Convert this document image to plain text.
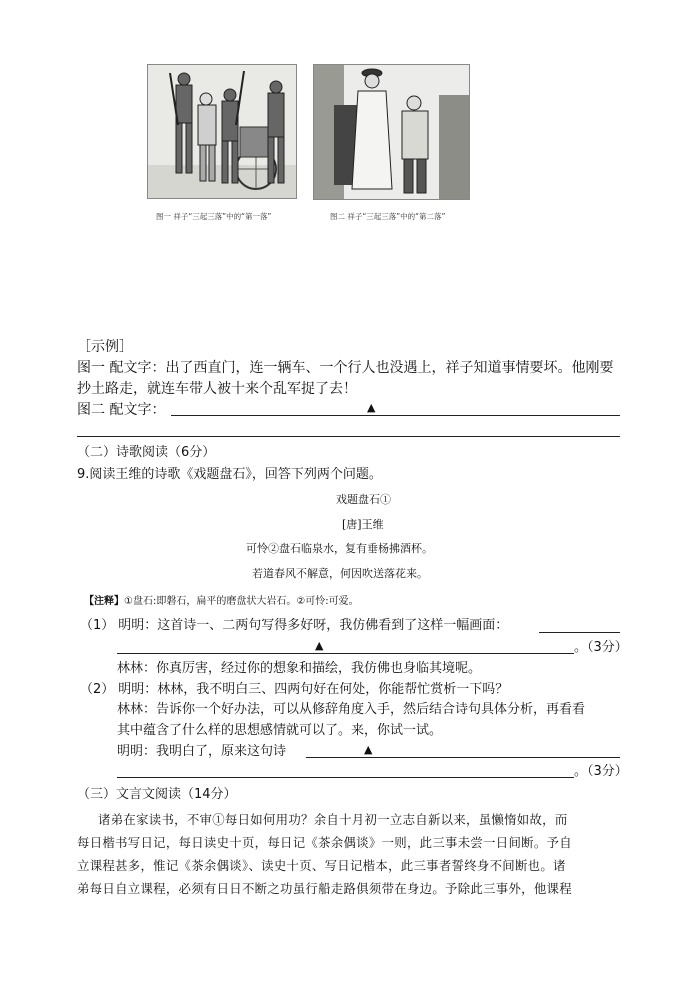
图一 祥子“三起三落”中的“第一落”	图二 祥子“三起三落”中的“第二落”
［示例］
图一 配文字：出了西直门，连一辆车、一个行人也没遇上，祥子知道事情要坏。他刚要
抄土路走，就连车带人被十来个乱军捉了去！
图二 配文字：	▲
（二）诗歌阅读（6分）
9.阅读王维的诗歌《戏题盘石》，回答下列两个问题。
戏题盘石①
[唐]王维
可怜②盘石临泉水，复有垂杨拂酒杯。
若道春风不解意，何因吹送落花来。
【注释】①盘石:即磐石，扁平的磨盘状大岩石。②可怜:可爱。
（1） 明明：这首诗一、二两句写得多好呀，我仿佛看到了这样一幅画面：
▲	。（3分）
林林：你真厉害，经过你的想象和描绘，我仿佛也身临其境呢。
（2） 明明：林林，我不明白三、四两句好在何处，你能帮忙赏析一下吗？
林林：告诉你一个好办法，可以从修辞角度入手，然后结合诗句具体分析，再看看
其中蕴含了什么样的思想感情就可以了。来，你试一试。
明明：我明白了，原来这句诗	▲
。（3分）
（三）文言文阅读（14分）
诸弟在家读书，不审①每日如何用功？余自十月初一立志自新以来，虽懒惰如故，而
每日楷书写日记，每日读史十页，每日记《茶余偶谈》一则，此三事未尝一日间断。予自
立课程甚多，惟记《茶余偶谈》、读史十页、写日记楷本，此三事者誓终身不间断也。诸
弟每日自立课程，必须有日日不断之功虽行船走路俱须带在身边。予除此三事外，他课程
